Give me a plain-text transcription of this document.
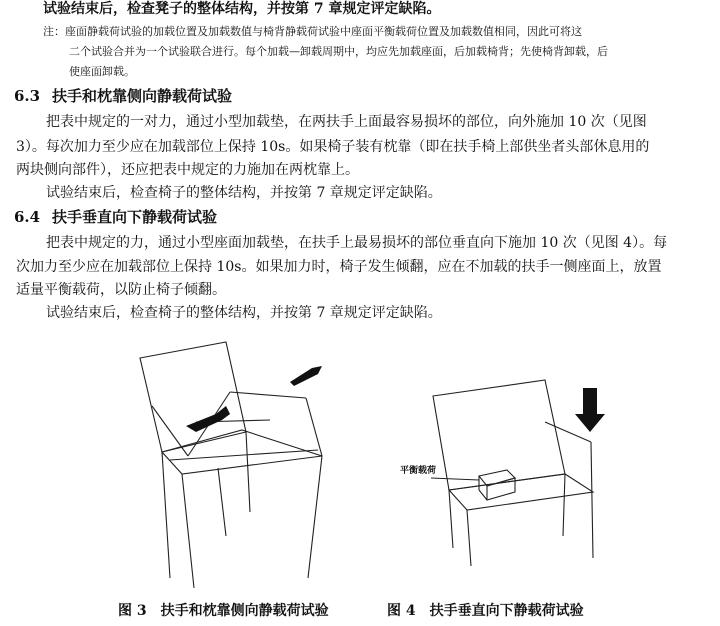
试验结束后，检查凳子的整体结构，并按第 7 章规定评定缺陷。
注：座面静载荷试验的加载位置及加载数值与椅背静载荷试验中座面平衡载荷位置及加载数值相同，因此可将这
二个试验合并为一个试验联合进行。每个加载—卸载周期中，均应先加载座面，后加载椅背；先使椅背卸载，后
使座面卸载。
6.3 扶手和枕靠侧向静载荷试验
把表中规定的一对力，通过小型加载垫，在两扶手上面最容易损坏的部位，向外施加 10 次（见图
3）。每次加力至少应在加载部位上保持 10s。如果椅子装有枕靠（即在扶手椅上部供坐者头部休息用的
两块侧向部件），还应把表中规定的力施加在两枕靠上。
试验结束后，检查椅子的整体结构，并按第 7 章规定评定缺陷。
6.4 扶手垂直向下静载荷试验
把表中规定的力，通过小型座面加载垫，在扶手上最易损坏的部位垂直向下施加 10 次（见图 4）。每
次加力至少应在加载部位上保持 10s。如果加力时，椅子发生倾翻，应在不加载的扶手一侧座面上，放置
适量平衡载荷，以防止椅子倾翻。
试验结束后，检查椅子的整体结构，并按第 7 章规定评定缺陷。
平衡载荷
图 3　扶手和枕靠侧向静载荷试验	图 4　扶手垂直向下静载荷试验
